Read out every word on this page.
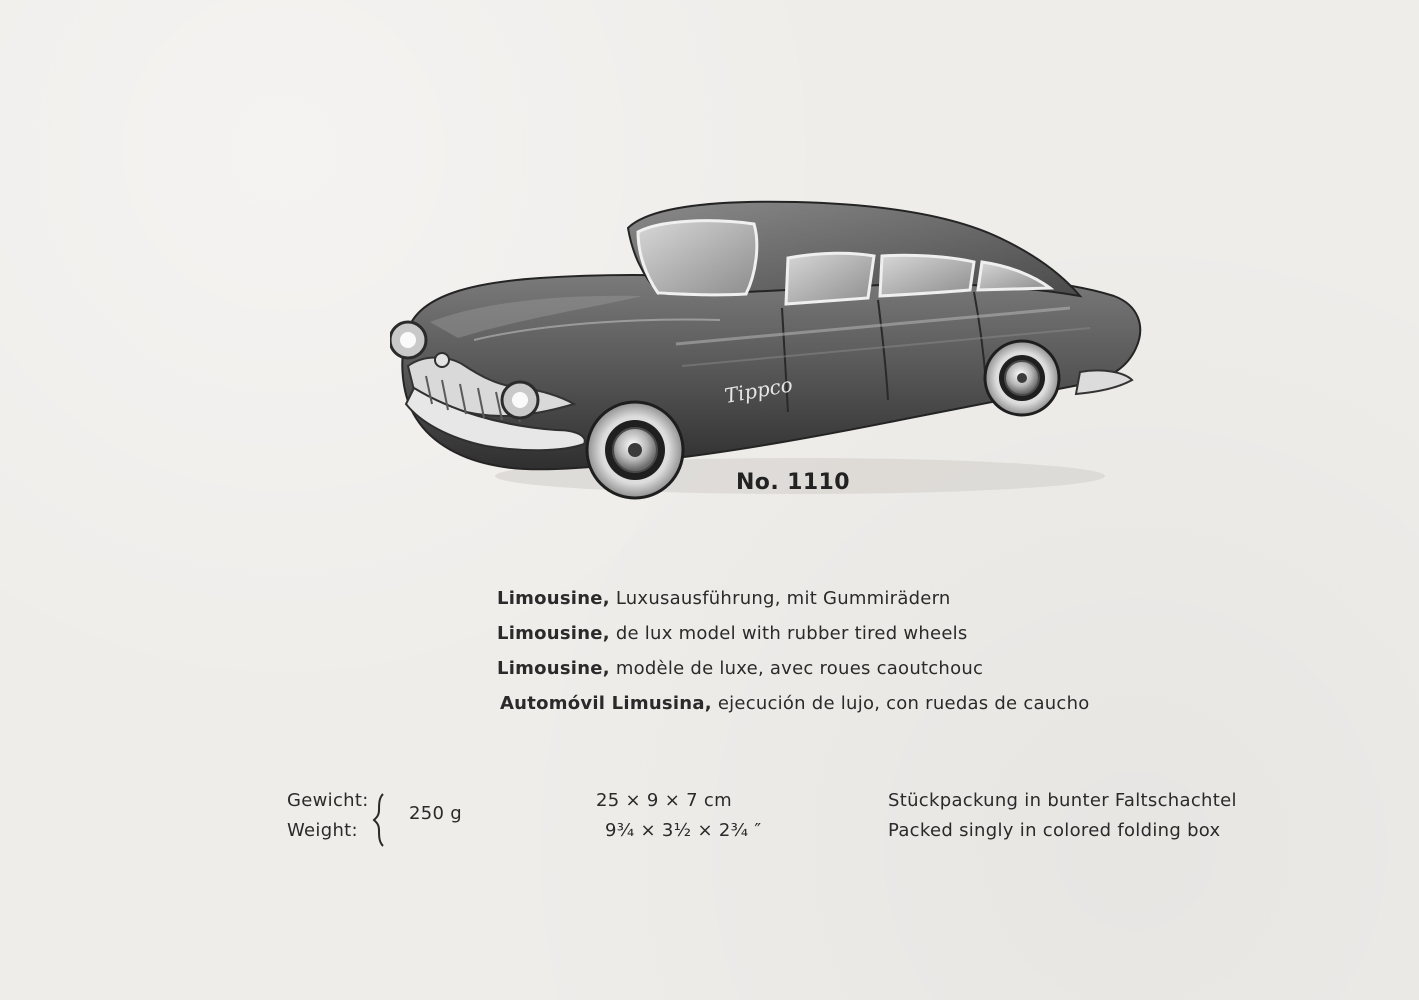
Tippco
No. 1110
Limousine, Luxusausführung, mit Gummirädern
Limousine, de lux model with rubber tired wheels
Limousine, modèle de luxe, avec roues caoutchouc
Automóvil Limusina, ejecución de lujo, con ruedas de caucho
Gewicht:
Weight:
250 g
25 × 9 × 7 cm
9¾ × 3½ × 2¾ ″
Stückpackung in bunter Faltschachtel
Packed singly in colored folding box
